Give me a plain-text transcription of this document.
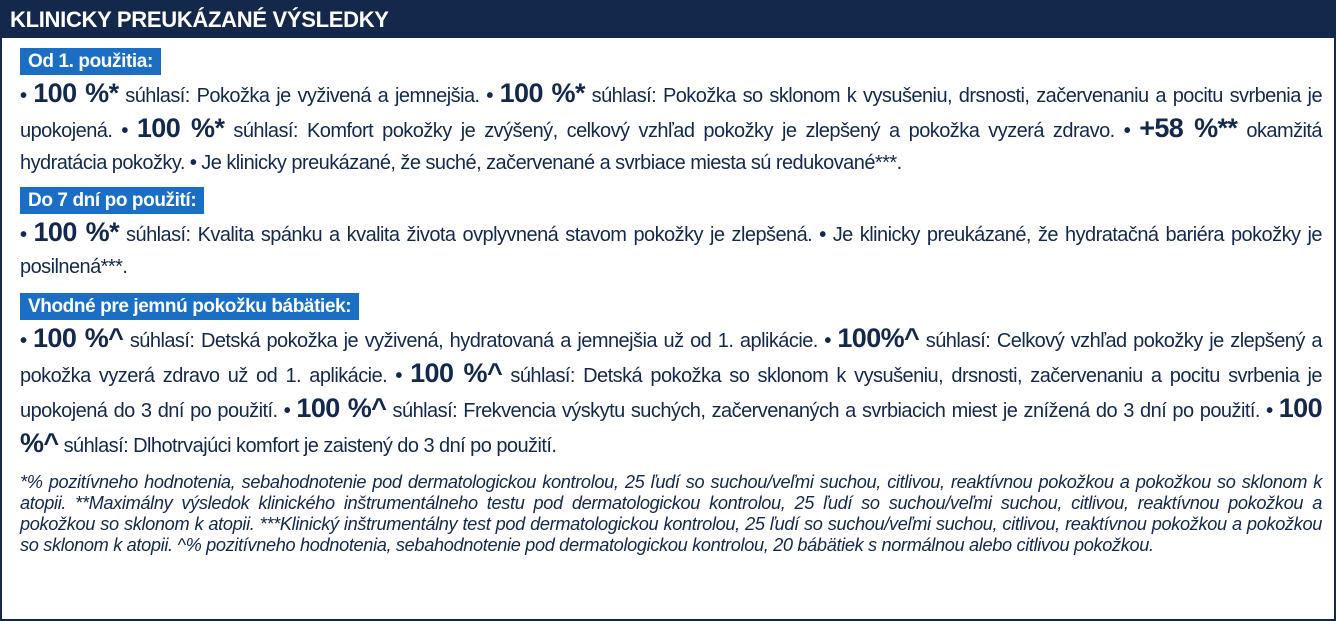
KLINICKY PREUKÁZANÉ VÝSLEDKY
Od 1. použitia:
• 100 %* súhlasí: Pokožka je vyživená a jemnejšia. • 100 %* súhlasí: Pokožka so sklonom k vysušeniu, drsnosti, začervenaniu a pocitu svrbenia je upokojená. • 100 %* súhlasí: Komfort pokožky je zvýšený, celkový vzhľad pokožky je zlepšený a pokožka vyzerá zdravo. • +58 %** okamžitá hydratácia pokožky. • Je klinicky preukázané, že suché, začervenané a svrbiace miesta sú redukované***.
Do 7 dní po použití:
• 100 %* súhlasí: Kvalita spánku a kvalita života ovplyvnená stavom pokožky je zlepšená. • Je klinicky preukázané, že hydratačná bariéra pokožky je posilnená***.
Vhodné pre jemnú pokožku bábätiek:
• 100 %^ súhlasí: Detská pokožka je vyživená, hydratovaná a jemnejšia už od 1. aplikácie. • 100%^ súhlasí: Celkový vzhľad pokožky je zlepšený a pokožka vyzerá zdravo už od 1. aplikácie. • 100 %^ súhlasí: Detská pokožka so sklonom k vysušeniu, drsnosti, začervenaniu a pocitu svrbenia je upokojená do 3 dní po použití. • 100 %^ súhlasí: Frekvencia výskytu suchých, začervenaných a svrbiacich miest je znížená do 3 dní po použití. • 100 %^ súhlasí: Dlhotrvajúci komfort je zaistený do 3 dní po použití.
*% pozitívneho hodnotenia, sebahodnotenie pod dermatologickou kontrolou, 25 ľudí so suchou/veľmi suchou, citlivou, reaktívnou pokožkou a pokožkou so sklonom k atopii. **Maximálny výsledok klinického inštrumentálneho testu pod dermatologickou kontrolou, 25 ľudí so suchou/veľmi suchou, citlivou, reaktívnou pokožkou a pokožkou so sklonom k atopii. ***Klinický inštrumentálny test pod dermatologickou kontrolou, 25 ľudí so suchou/veľmi suchou, citlivou, reaktívnou pokožkou a pokožkou so sklonom k atopii. ^% pozitívneho hodnotenia, sebahodnotenie pod dermatologickou kontrolou, 20 bábätiek s normálnou alebo citlivou pokožkou.
